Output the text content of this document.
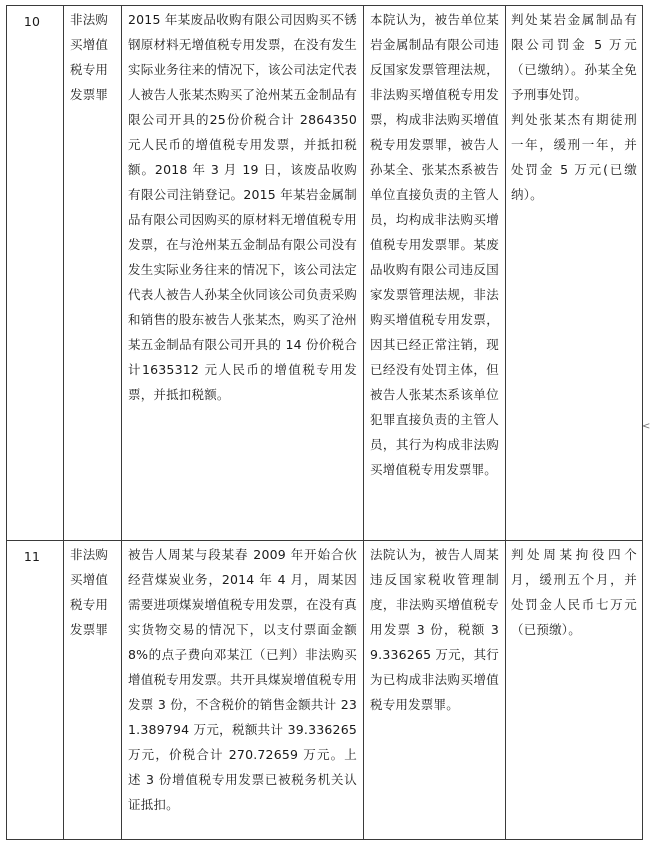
10	非法购买增值税专用发票罪	2015 年某废品收购有限公司因购买不锈钢原材料无增值税专用发票，在没有发生实际业务往来的情况下，该公司法定代表人被告人张某杰购买了沧州某五金制品有限公司开具的25份价税合计 2864350 元人民币的增值税专用发票，并抵扣税额。2018 年 3 月 19 日，该废品收购有限公司注销登记。2015 年某岩金属制品有限公司因购买的原材料无增值税专用发票，在与沧州某五金制品有限公司没有发生实际业务往来的情况下，该公司法定代表人被告人孙某全伙同该公司负责采购和销售的股东被告人张某杰，购买了沧州某五金制品有限公司开具的 14 份价税合计1635312 元人民币的增值税专用发票，并抵扣税额。	本院认为，被告单位某岩金属制品有限公司违反国家发票管理法规，非法购买增值税专用发票，构成非法购买增值税专用发票罪，被告人孙某全、张某杰系被告单位直接负责的主管人员，均构成非法购买增值税专用发票罪。某废品收购有限公司违反国家发票管理法规，非法购买增值税专用发票，因其已经正常注销，现已经没有处罚主体，但被告人张某杰系该单位犯罪直接负责的主管人员，其行为构成非法购买增值税专用发票罪。	判处某岩金属制品有限公司罚金 5 万元（已缴纳）。孙某全免予刑事处罚。
判处张某杰有期徒刑一年，缓刑一年，并处罚金 5 万元(已缴纳）。

11	非法购买增值税专用发票罪	被告人周某与段某春 2009 年开始合伙经营煤炭业务，2014 年 4 月，周某因需要进项煤炭增值税专用发票，在没有真实货物交易的情况下，以支付票面金额 8%的点子费向邓某江（已判）非法购买增值税专用发票。共开具煤炭增值税专用发票 3 份，不含税价的销售金额共计 231.389794 万元，税额共计 39.336265 万元，价税合计 270.72659 万元。上述 3 份增值税专用发票已被税务机关认证抵扣。	法院认为，被告人周某违反国家税收管理制度，非法购买增值税专用发票 3 份，税额 39.336265 万元，其行为已构成非法购买增值税专用发票罪。	判处周某拘役四个月，缓刑五个月，并处罚金人民币七万元（已预缴）。
<
